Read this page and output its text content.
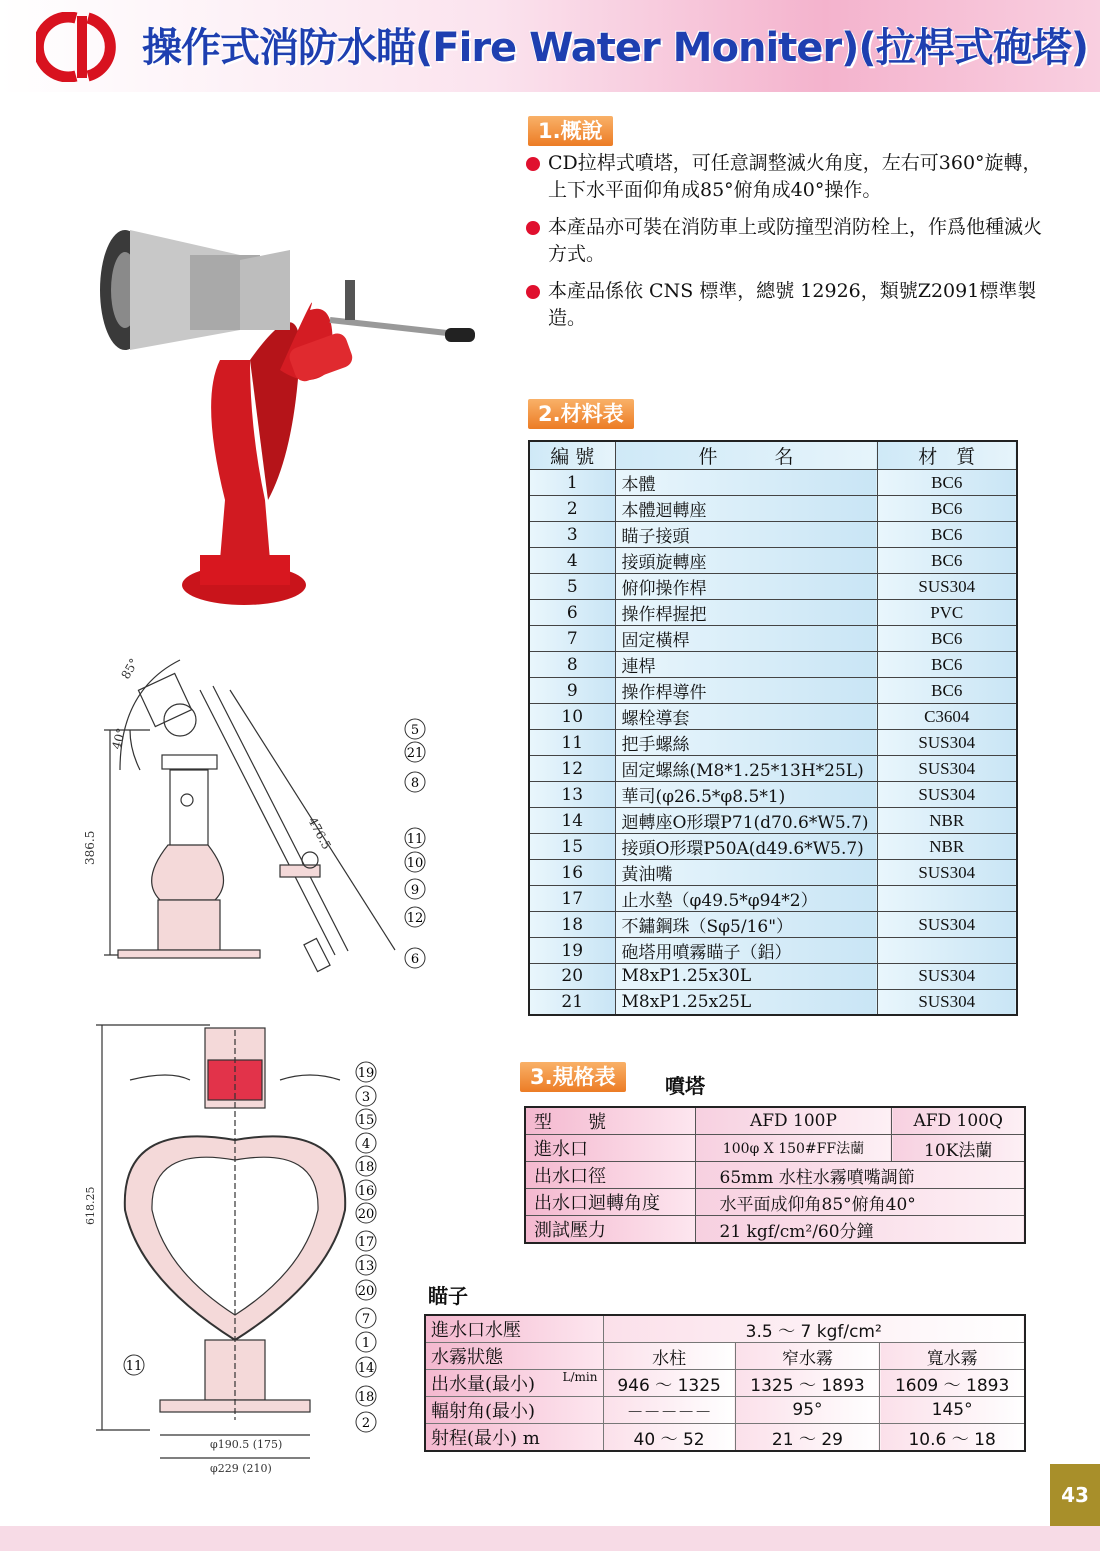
操作式消防水瞄(Fire Water Moniter)(拉桿式砲塔)
85°
40°
386.5	476.5
5
21
8
11
10
9
12
6
618.25
φ190.5 (175)
φ229 (210)
19
3
15
4
18
16
20
17
13
20
7
1
14
18
2
11
1.概說
CD拉桿式噴塔，可任意調整滅火角度，左右可360°旋轉，上下水平面仰角成85°俯角成40°操作。
本產品亦可裝在消防車上或防撞型消防栓上，作爲他種滅火方式。
本產品係依 CNS 標準，總號 12926，類號Z2091標準製造。
2.材料表
編 號	件　　　名	材　質
1	本體	BC6
2	本體迴轉座	BC6
3	瞄子接頭	BC6
4	接頭旋轉座	BC6
5	俯仰操作桿	SUS304
6	操作桿握把	PVC
7	固定橫桿	BC6
8	連桿	BC6
9	操作桿導件	BC6
10	螺栓導套	C3604
11	把手螺絲	SUS304
12	固定螺絲(M8*1.25*13H*25L)	SUS304
13	華司(φ26.5*φ8.5*1)	SUS304
14	迴轉座O形環P71(d70.6*W5.7)	NBR
15	接頭O形環P50A(d49.6*W5.7)	NBR
16	黃油嘴	SUS304
17	止水墊（φ49.5*φ94*2）	
18	不鏽鋼珠（Sφ5/16"）	SUS304
19	砲塔用噴霧瞄子（鋁）	
20	M8xP1.25x30L	SUS304
21	M8xP1.25x25L	SUS304
3.規格表	噴塔
型　　號	AFD 100P	AFD 100Q
進水口	100φ X 150#FF法蘭	10K法蘭
出水口徑	65mm 水柱水霧噴嘴調節	
出水口迴轉角度	水平面成仰角85°俯角40°	
測試壓力	21 kgf/cm²/60分鐘	
瞄子
進水口水壓	3.5 ～ 7 kgf/cm²		
水霧狀態	水柱	窄水霧	寬水霧
出水量(最小) L/min	946 ～ 1325	1325 ～ 1893	1609 ～ 1893
輻射角(最小)	－－－－－	95°	145°
射程(最小) m	40 ～ 52	21 ～ 29	10.6 ～ 18
43
